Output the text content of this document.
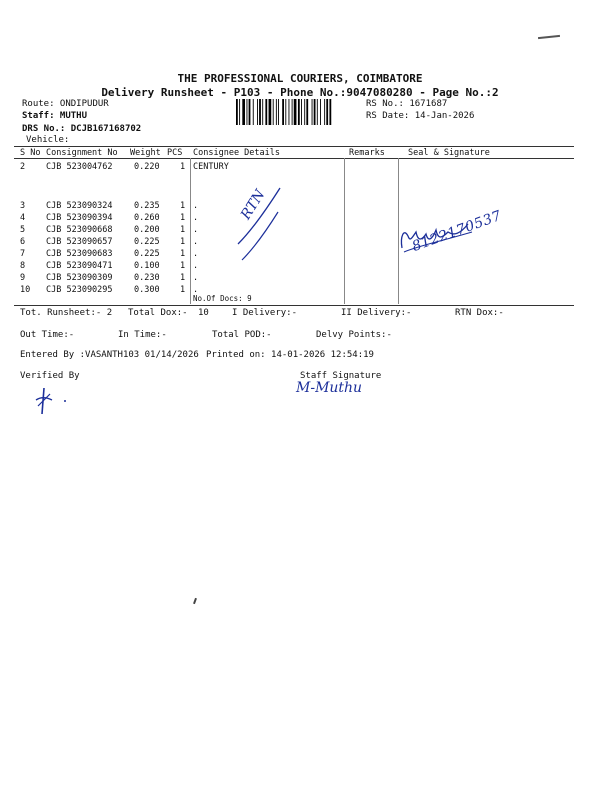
THE PROFESSIONAL COURIERS, COIMBATORE
Delivery Runsheet - P103 - Phone No.:9047080280 - Page No.:2
Route: ONDIPUDUR
Staff: MUTHU
DRS No.: DCJB167168702
Vehicle:
RS No.: 1671687
RS Date: 14-Jan-2026
S No Consignment No Weight PCS Consignee Details	Remarks	Seal & Signature
2 CJB 523004762	0.220 1 CENTURY
3 CJB 523090324	0.235 1 .
4 CJB 523090394	0.260 1 .
5 CJB 523090668	0.200 1 .
6 CJB 523090657	0.225 1 .
7 CJB 523090683	0.225 1 .
8 CJB 523090471	0.100 1 .
9 CJB 523090309	0.230 1 .
10 CJB 523090295	0.300 1 .
No.Of Docs: 9
Tot. Runsheet:- 2 Total Dox:- 10	I Delivery:-	II Delivery:-	RTN Dox:-
Out Time:-	In Time:-	Total POD:-	Delvy Points:-
Entered By :VASANTH103 01/14/2026 Printed on: 14-01-2026 12:54:19
Verified By	Staff Signature
RTN
8122170537
M-Muthu
